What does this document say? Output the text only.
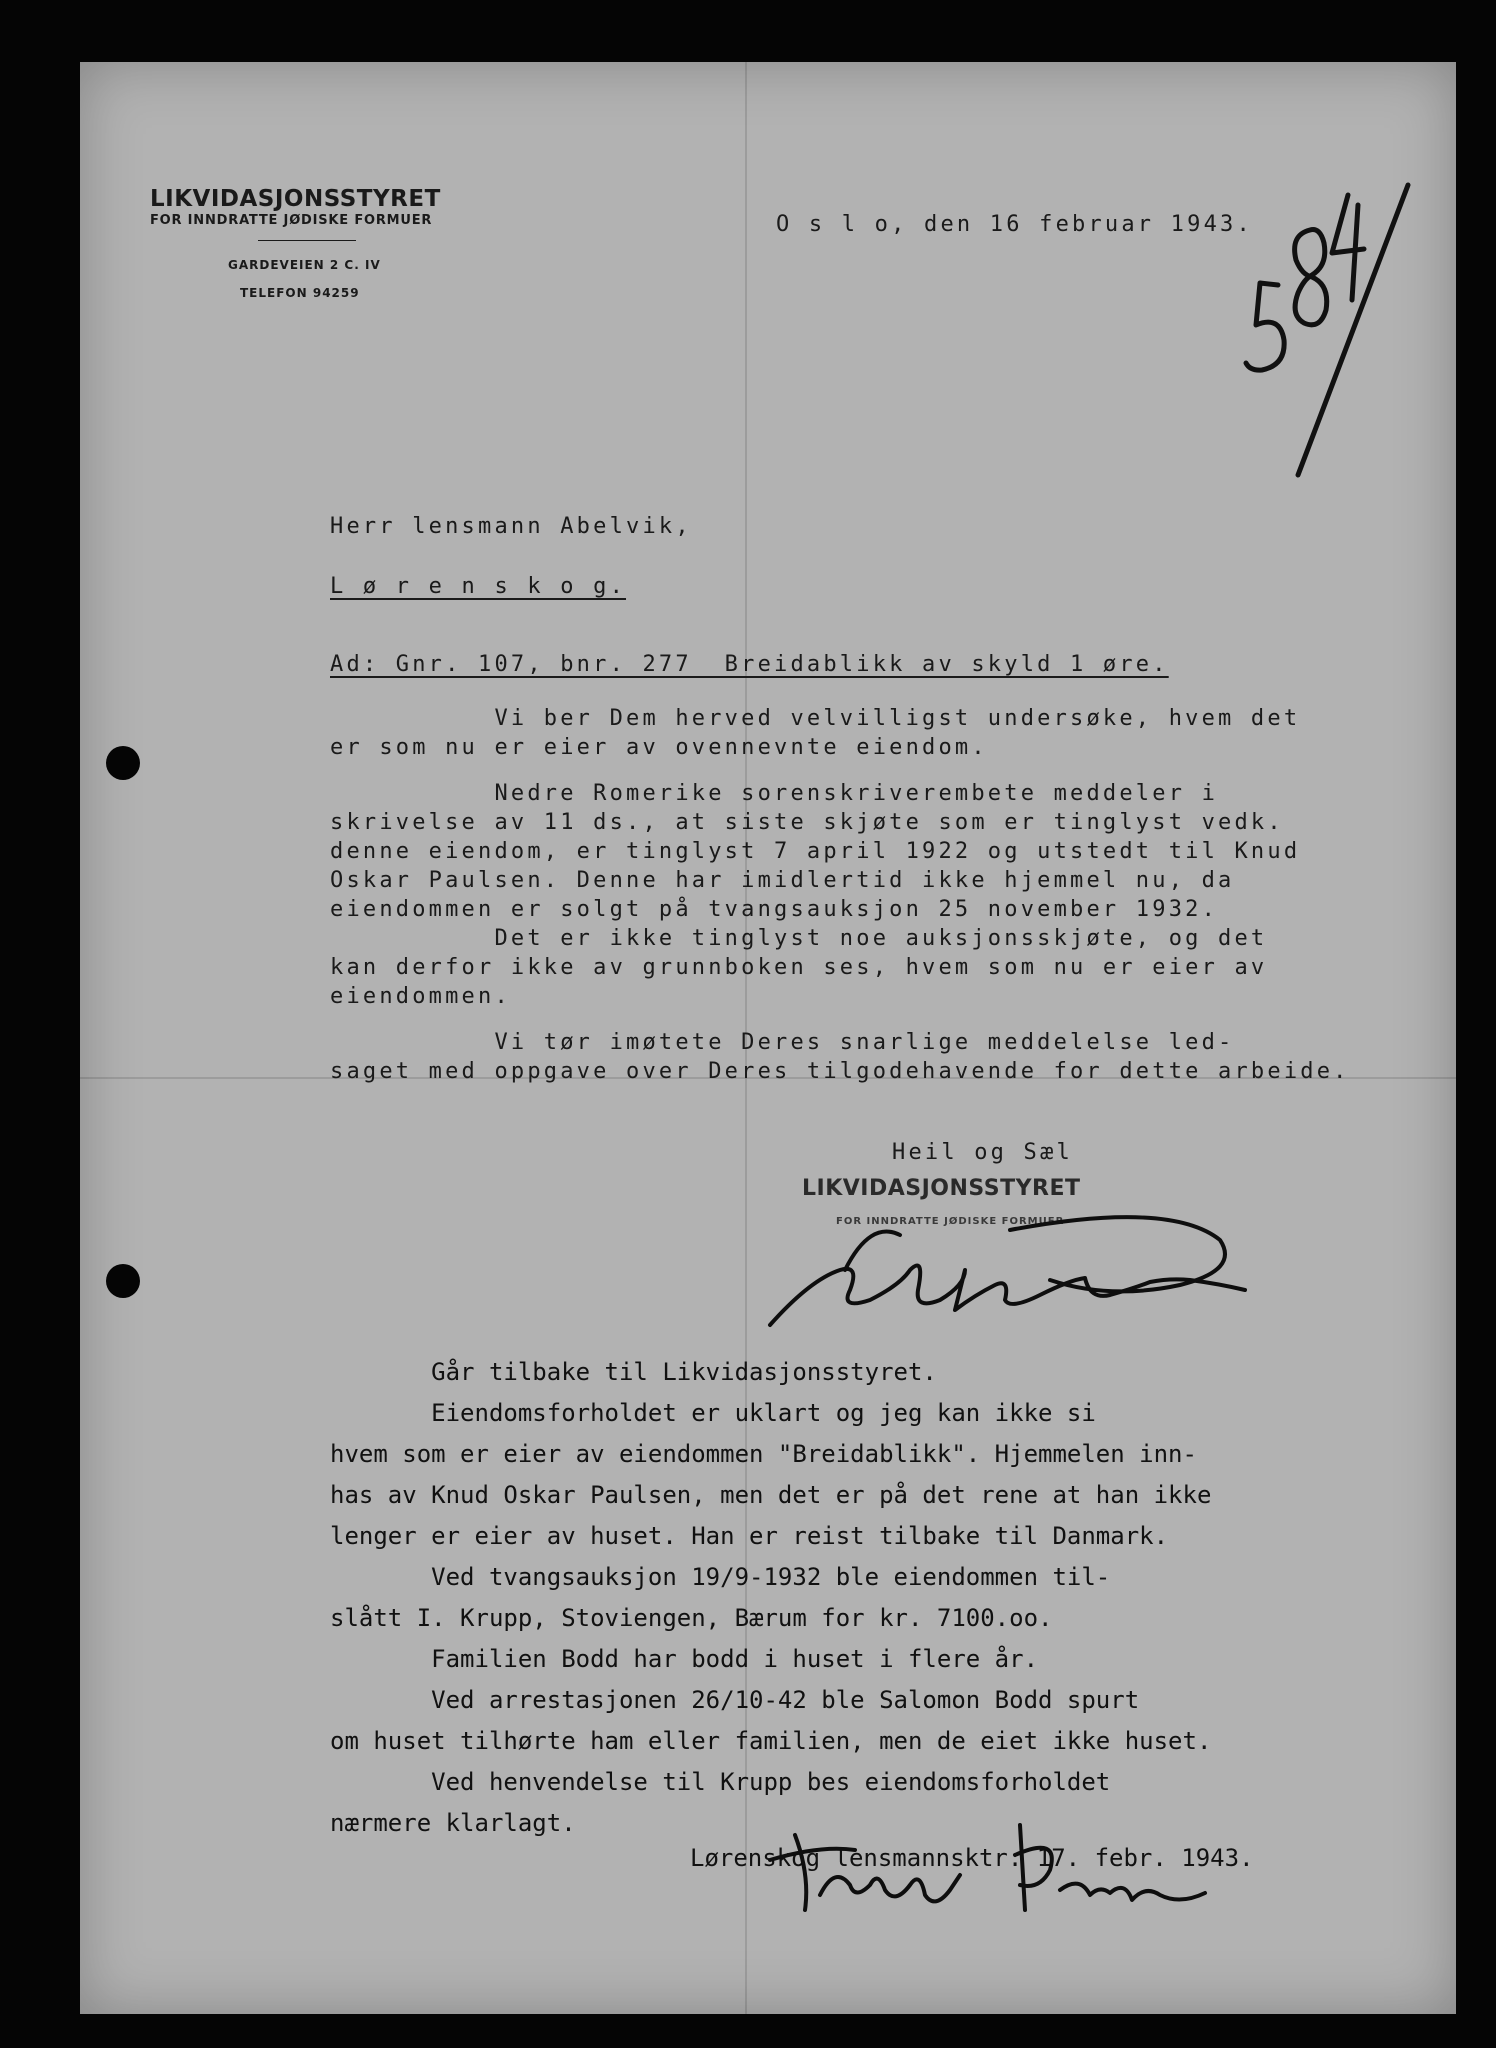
LIKVIDASJONSSTYRET
FOR INNDRATTE JØDISKE FORMUER
GARDEVEIEN 2 C. IV
TELEFON 94259
O s l o, den 16 februar 1943.
Herr lensmann Abelvik,
L ø r e n s k o g.
Ad: Gnr. 107, bnr. 277  Breidablikk av skyld 1 øre.
Vi ber Dem herved velvilligst undersøke, hvem det
er som nu er eier av ovennevnte eiendom.
Nedre Romerike sorenskriverembete meddeler i
skrivelse av 11 ds., at siste skjøte som er tinglyst vedk.
denne eiendom, er tinglyst 7 april 1922 og utstedt til Knud
Oskar Paulsen. Denne har imidlertid ikke hjemmel nu, da
eiendommen er solgt på tvangsauksjon 25 november 1932.
Det er ikke tinglyst noe auksjonsskjøte, og det
kan derfor ikke av grunnboken ses, hvem som nu er eier av
eiendommen.
Vi tør imøtete Deres snarlige meddelelse led-
saget med oppgave over Deres tilgodehavende for dette arbeide.
Heil og Sæl
LIKVIDASJONSSTYRET
FOR INNDRATTE JØDISKE FORMUER
Går tilbake til Likvidasjonsstyret.
Eiendomsforholdet er uklart og jeg kan ikke si
hvem som er eier av eiendommen "Breidablikk". Hjemmelen inn-
has av Knud Oskar Paulsen, men det er på det rene at han ikke
lenger er eier av huset. Han er reist tilbake til Danmark.
Ved tvangsauksjon 19/9-1932 ble eiendommen til-
slått I. Krupp, Stoviengen, Bærum for kr. 7100.oo.
Familien Bodd har bodd i huset i flere år.
Ved arrestasjonen 26/10-42 ble Salomon Bodd spurt
om huset tilhørte ham eller familien, men de eiet ikke huset.
Ved henvendelse til Krupp bes eiendomsforholdet
nærmere klarlagt.
Lørenskog lensmannsktr. 17. febr. 1943.
